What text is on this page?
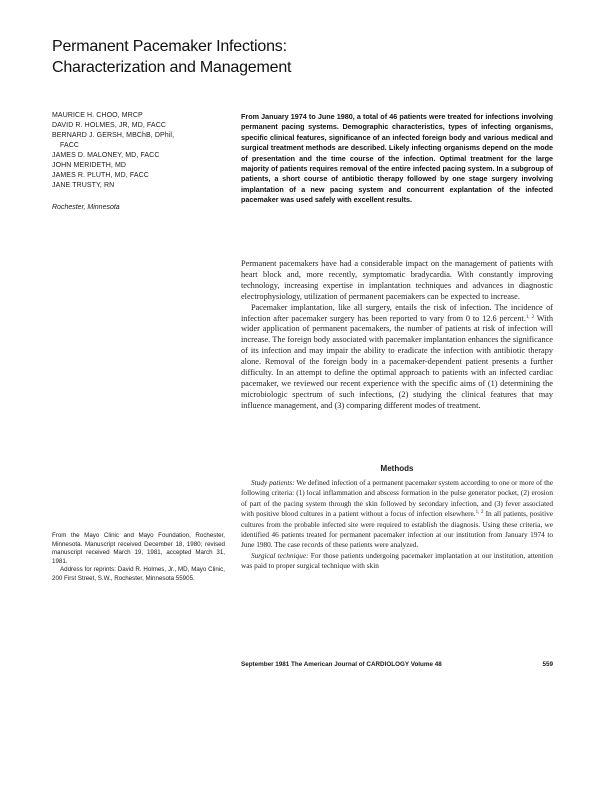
Permanent Pacemaker Infections:
Characterization and Management
MAURICE H. CHOO, MRCP
DAVID R. HOLMES, JR, MD, FACC
BERNARD J. GERSH, MBChB, DPhil,
FACC
JAMES D. MALONEY, MD, FACC
JOHN MERIDETH, MD
JAMES R. PLUTH, MD, FACC
JANE TRUSTY, RN
Rochester, Minnesota
From January 1974 to June 1980, a total of 46 patients were treated for infections involving permanent pacing systems. Demographic characteristics, types of infecting organisms, specific clinical features, significance of an infected foreign body and various medical and surgical treatment methods are described. Likely infecting organisms depend on the mode of presentation and the time course of the infection. Optimal treatment for the large majority of patients requires removal of the entire infected pacing system. In a subgroup of patients, a short course of antibiotic therapy followed by one stage surgery involving implantation of a new pacing system and concurrent explantation of the infected pacemaker was used safely with excellent results.

Permanent pacemakers have had a considerable impact on the management of patients with heart block and, more recently, symptomatic bradycardia. With constantly improving technology, increasing expertise in implantation techniques and advances in diagnostic electrophysiology, utilization of permanent pacemakers can be expected to increase.

Pacemaker implantation, like all surgery, entails the risk of infection. The incidence of infection after pacemaker surgery has been reported to vary from 0 to 12.6 percent.$^{1, 2}$ With wider application of permanent pacemakers, the number of patients at risk of infection will increase. The foreign body associated with pacemaker implantation enhances the significance of its infection and may impair the ability to eradicate the infection with antibiotic therapy alone. Removal of the foreign body in a pacemaker-dependent patient presents a further difficulty. In an attempt to define the optimal approach to patients with an infected cardiac pacemaker, we reviewed our recent experience with the specific aims of (1) determining the microbiologic spectrum of such infections, (2) studying the clinical features that may influence management, and (3) comparing different modes of treatment.

Methods

Study patients: We defined infection of a permanent pacemaker system according to one or more of the following criteria: (1) local inflammation and abscess formation in the pulse generator pocket, (2) erosion of part of the pacing system through the skin followed by secondary infection, and (3) fever associated with positive blood cultures in a patient without a focus of infection elsewhere.$^{1, 2}$ In all patients, positive cultures from the probable infected site were required to establish the diagnosis. Using these criteria, we identified 46 patients treated for permanent pacemaker infection at our institution from January 1974 to June 1980. The case records of these patients were analyzed.

Surgical technique: For those patients undergoing pacemaker implantation at our institution, attention was paid to proper surgical technique with skin

From the Mayo Clinic and Mayo Foundation, Rochester, Minnesota. Manuscript received December 18, 1980; revised manuscript received March 19, 1981, accepted March 31, 1981.

Address for reprints: David R. Holmes, Jr., MD, Mayo Clinic, 200 First Street, S.W., Rochester, Minnesota 55905.

September 1981 The American Journal of CARDIOLOGY Volume 48	559
